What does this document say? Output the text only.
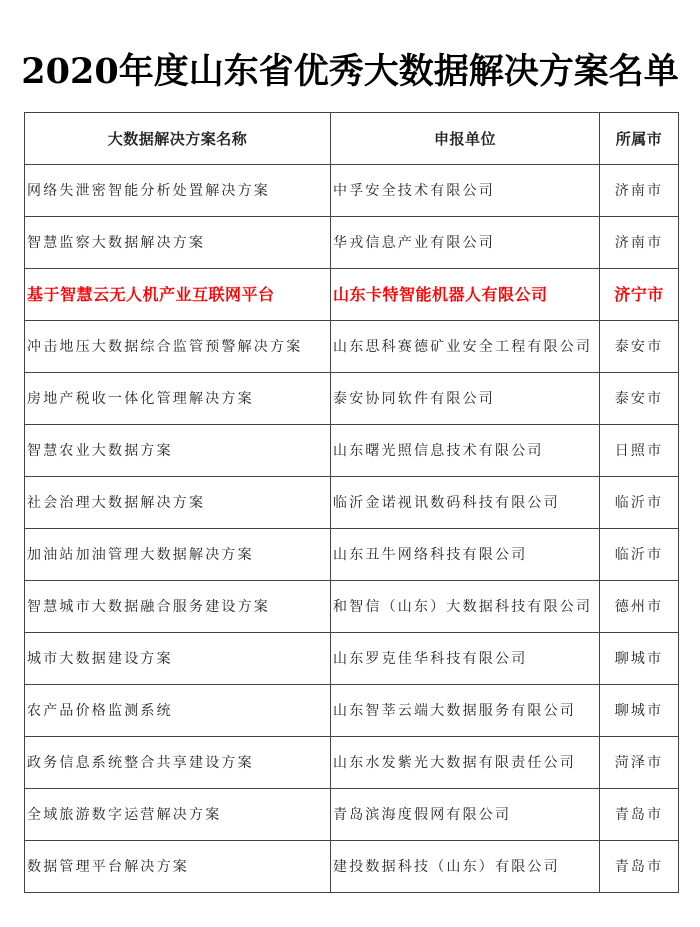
2020年度山东省优秀大数据解决方案名单
大数据解决方案名称	申报单位	所属市
网络失泄密智能分析处置解决方案	中孚安全技术有限公司	济南市
智慧监察大数据解决方案	华戎信息产业有限公司	济南市
基于智慧云无人机产业互联网平台	山东卡特智能机器人有限公司	济宁市
冲击地压大数据综合监管预警解决方案	山东思科赛德矿业安全工程有限公司	泰安市
房地产税收一体化管理解决方案	泰安协同软件有限公司	泰安市
智慧农业大数据方案	山东曙光照信息技术有限公司	日照市
社会治理大数据解决方案	临沂金诺视讯数码科技有限公司	临沂市
加油站加油管理大数据解决方案	山东丑牛网络科技有限公司	临沂市
智慧城市大数据融合服务建设方案	和智信（山东）大数据科技有限公司	德州市
城市大数据建设方案	山东罗克佳华科技有限公司	聊城市
农产品价格监测系统	山东智莘云端大数据服务有限公司	聊城市
政务信息系统整合共享建设方案	山东水发紫光大数据有限责任公司	菏泽市
全域旅游数字运营解决方案	青岛滨海度假网有限公司	青岛市
数据管理平台解决方案	建投数据科技（山东）有限公司	青岛市
